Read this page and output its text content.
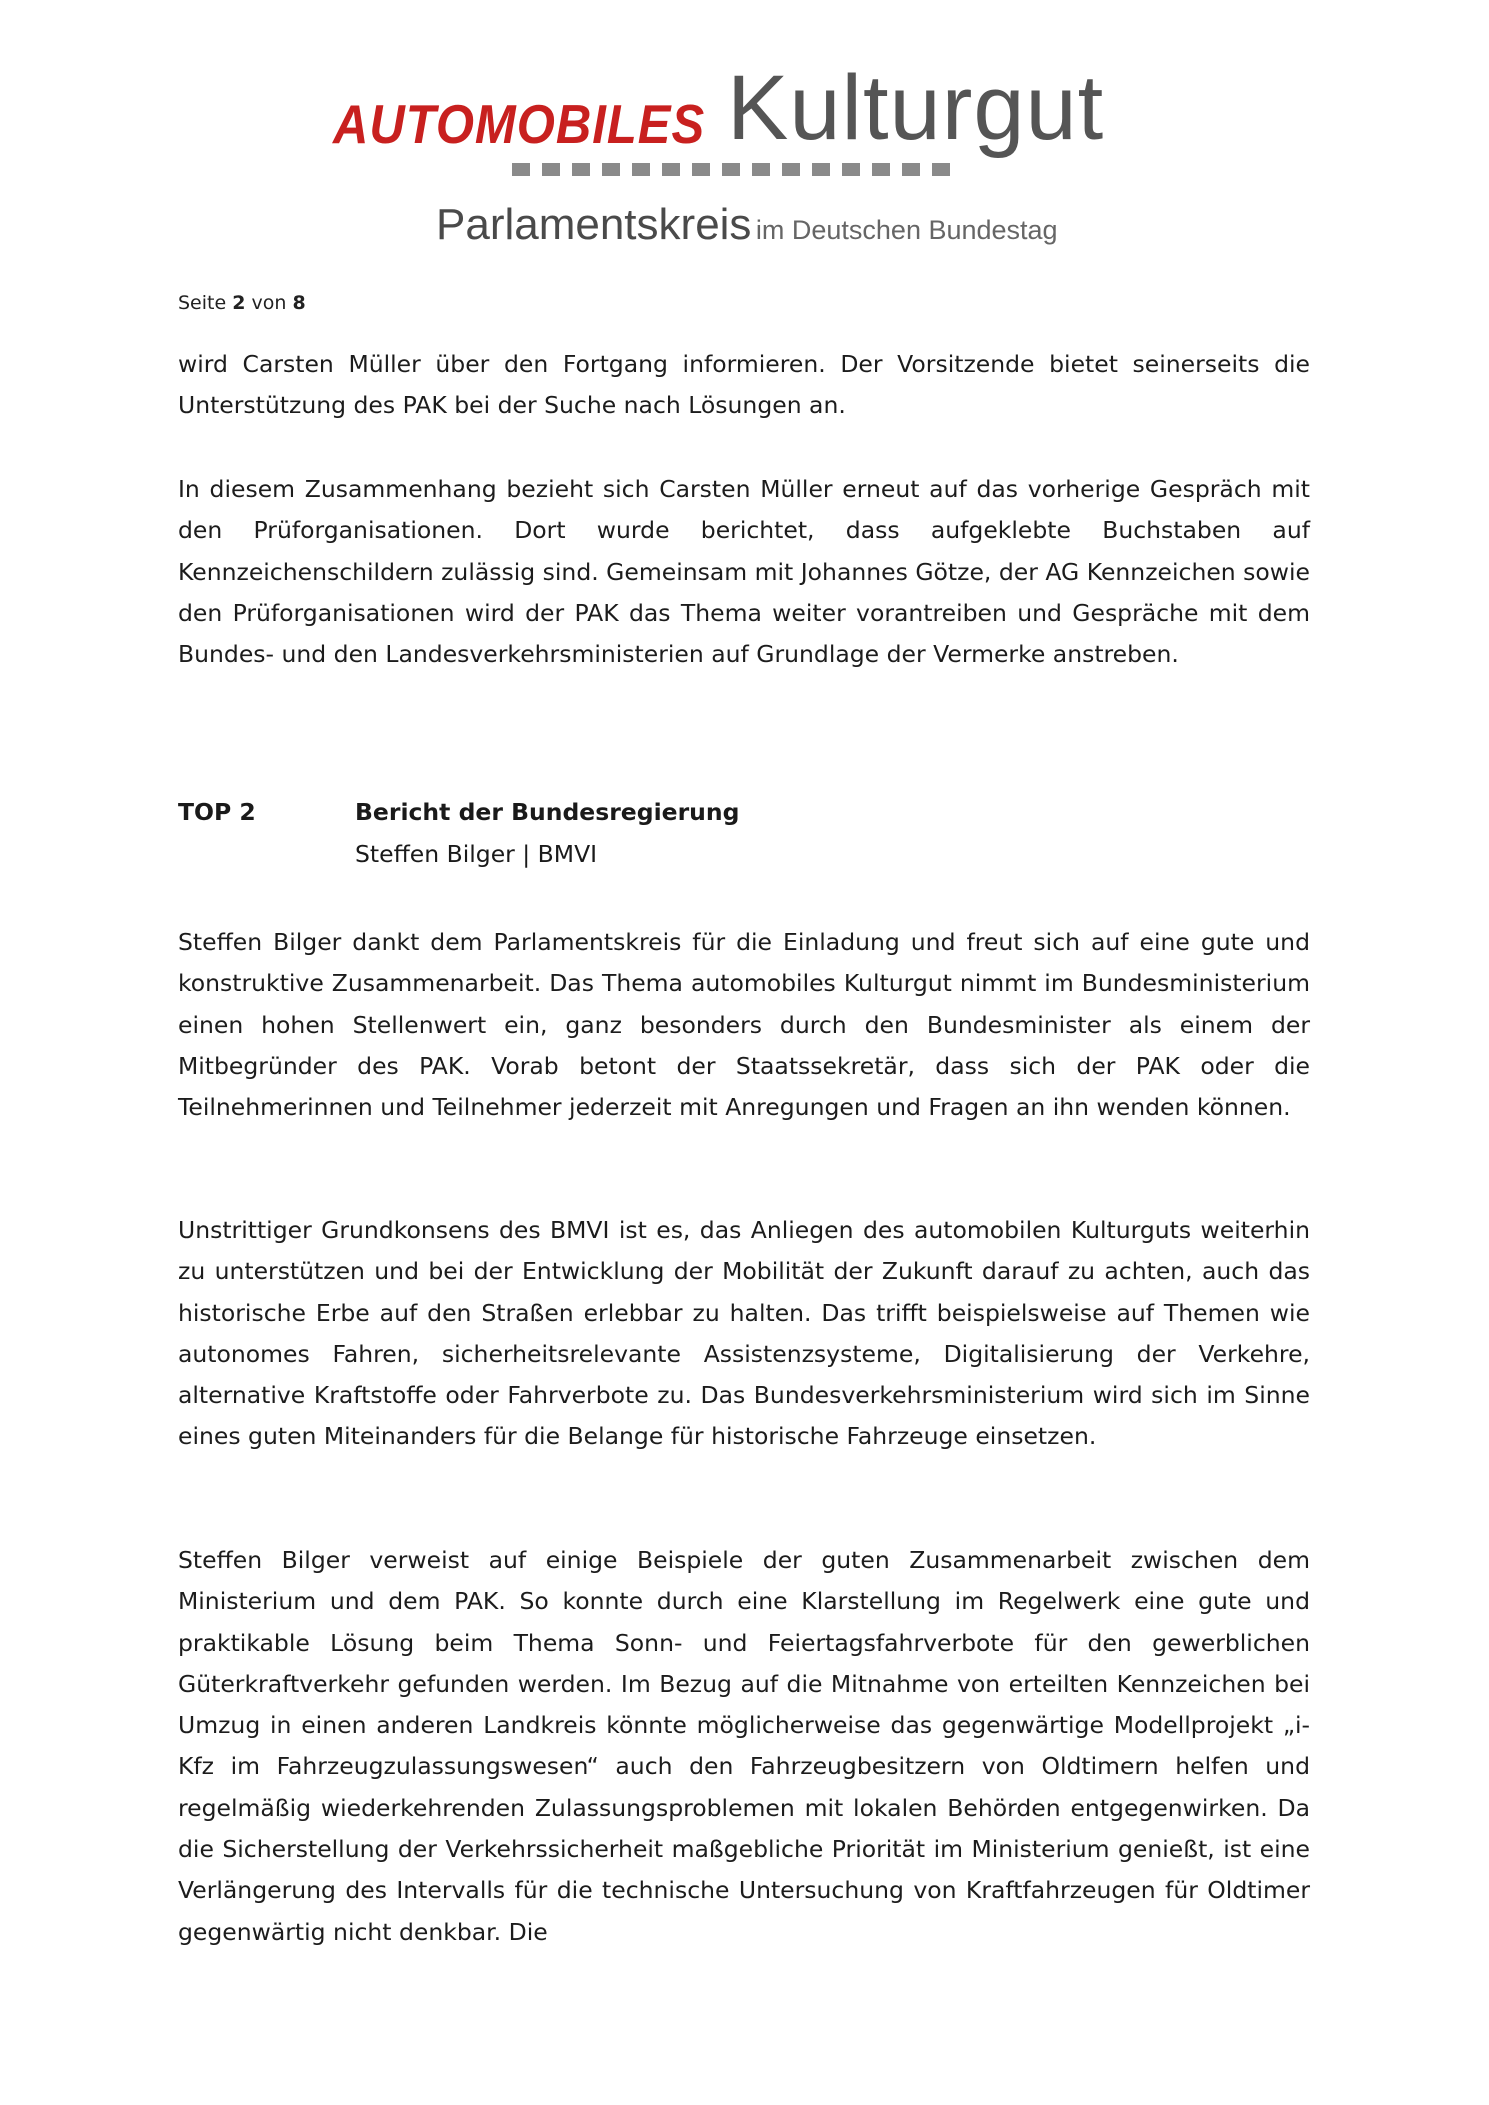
AUTOMOBILES Kulturgut
Parlamentskreis im Deutschen Bundestag
Seite 2 von 8
wird Carsten Müller über den Fortgang informieren. Der Vorsitzende bietet seinerseits die Unterstützung des PAK bei der Suche nach Lösungen an.
In diesem Zusammenhang bezieht sich Carsten Müller erneut auf das vorherige Gespräch mit den Prüforganisationen. Dort wurde berichtet, dass aufgeklebte Buchstaben auf Kennzeichenschildern zulässig sind. Gemeinsam mit Johannes Götze, der AG Kennzeichen sowie den Prüforganisationen wird der PAK das Thema weiter vorantreiben und Gespräche mit dem Bundes- und den Landesverkehrsministerien auf Grundlage der Vermerke anstreben.
TOP 2	Bericht der Bundesregierung
Steffen Bilger | BMVI
Steffen Bilger dankt dem Parlamentskreis für die Einladung und freut sich auf eine gute und konstruktive Zusammenarbeit. Das Thema automobiles Kulturgut nimmt im Bundesministerium einen hohen Stellenwert ein, ganz besonders durch den Bundesminister als einem der Mitbegründer des PAK. Vorab betont der Staatssekretär, dass sich der PAK oder die Teilnehmerinnen und Teilnehmer jederzeit mit Anregungen und Fragen an ihn wenden können.
Unstrittiger Grundkonsens des BMVI ist es, das Anliegen des automobilen Kulturguts weiterhin zu unterstützen und bei der Entwicklung der Mobilität der Zukunft darauf zu achten, auch das historische Erbe auf den Straßen erlebbar zu halten. Das trifft beispielsweise auf Themen wie autonomes Fahren, sicherheitsrelevante Assistenzsysteme, Digitalisierung der Verkehre, alternative Kraftstoffe oder Fahrverbote zu. Das Bundesverkehrsministerium wird sich im Sinne eines guten Miteinanders für die Belange für historische Fahrzeuge einsetzen.
Steffen Bilger verweist auf einige Beispiele der guten Zusammenarbeit zwischen dem Ministerium und dem PAK. So konnte durch eine Klarstellung im Regelwerk eine gute und praktikable Lösung beim Thema Sonn- und Feiertagsfahrverbote für den gewerblichen Güterkraftverkehr gefunden werden. Im Bezug auf die Mitnahme von erteilten Kennzeichen bei Umzug in einen anderen Landkreis könnte möglicherweise das gegenwärtige Modellprojekt „i-Kfz im Fahrzeugzulassungswesen“ auch den Fahrzeugbesitzern von Oldtimern helfen und regelmäßig wiederkehrenden Zulassungsproblemen mit lokalen Behörden entgegenwirken. Da die Sicherstellung der Verkehrssicherheit maßgebliche Priorität im Ministerium genießt, ist eine Verlängerung des Intervalls für die technische Untersuchung von Kraftfahrzeugen für Oldtimer gegenwärtig nicht denkbar. Die
